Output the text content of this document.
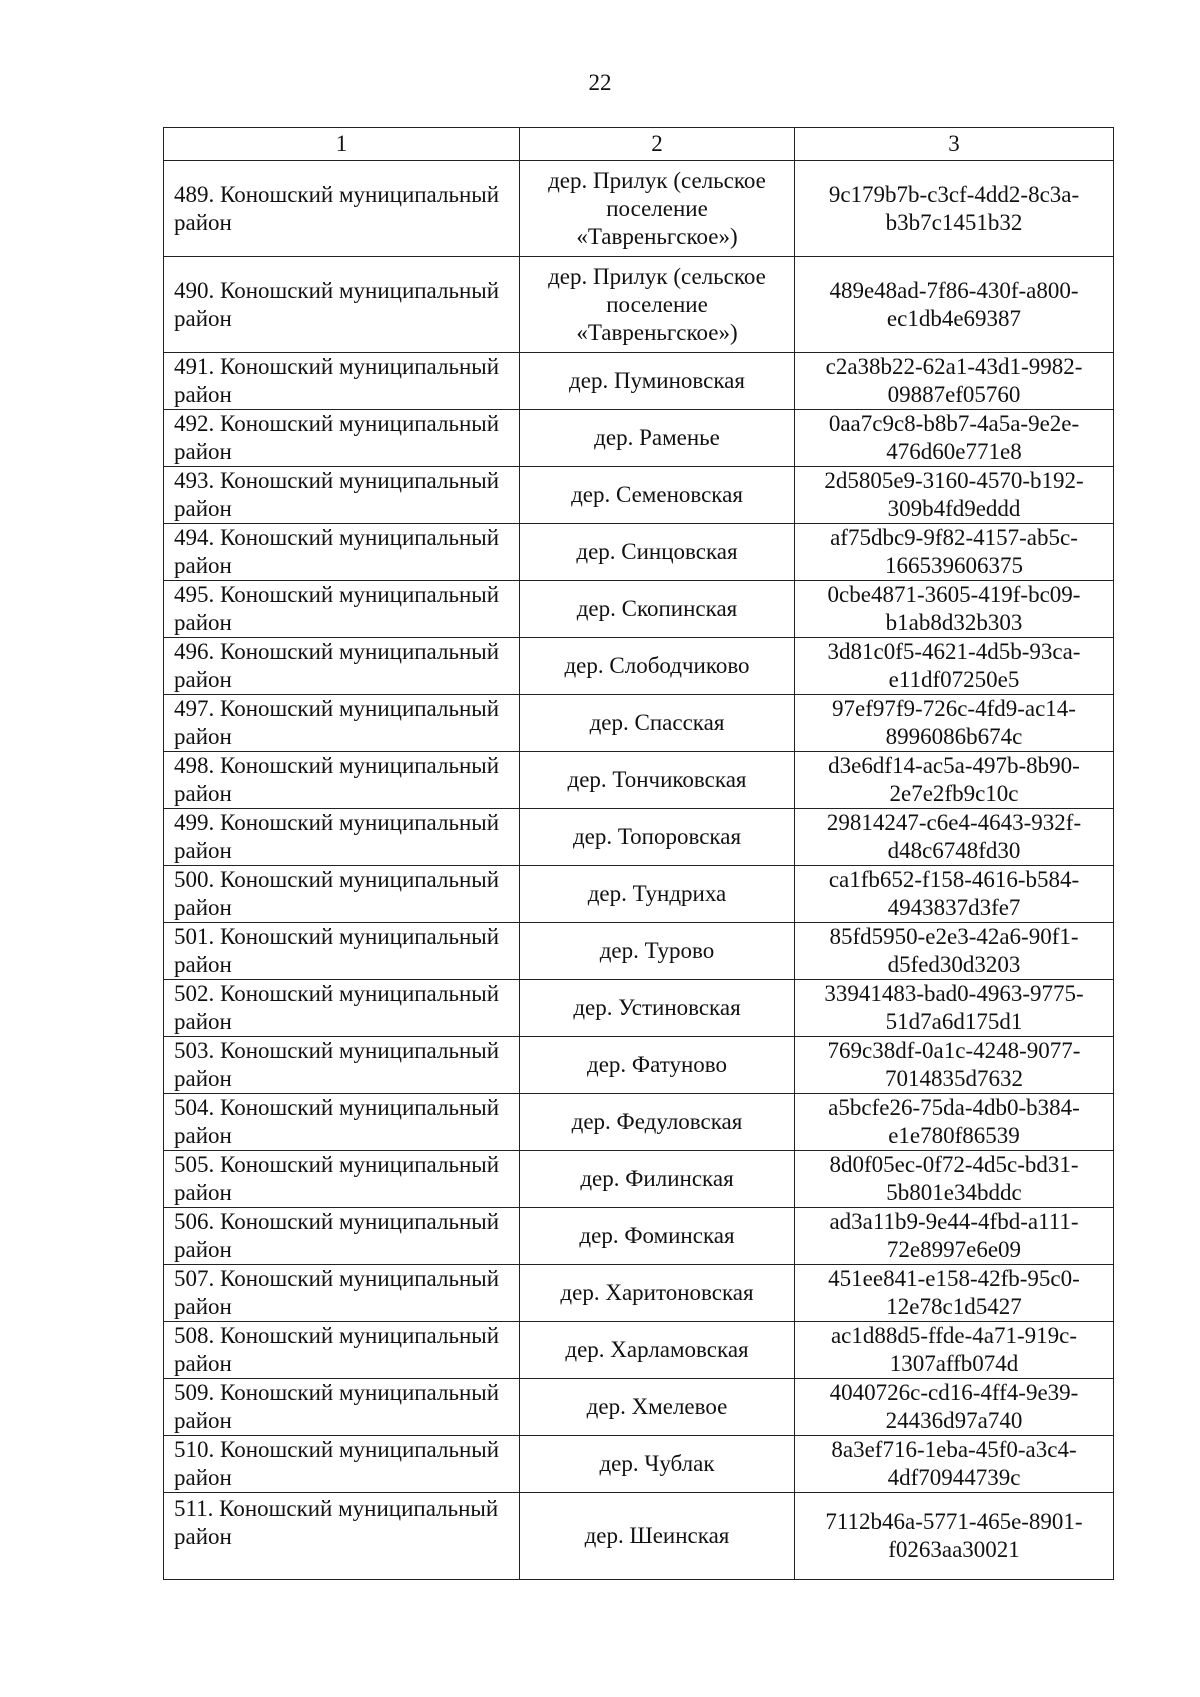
22
1	2	3
489. Коношский муниципальный район	дер. Прилук (сельское поселение «Тавреньгское»)	9c179b7b-c3cf-4dd2-8c3a-b3b7c1451b32
490. Коношский муниципальный район	дер. Прилук (сельское поселение «Тавреньгское»)	489e48ad-7f86-430f-a800-ec1db4e69387
491. Коношский муниципальный район	дер. Пуминовская	c2a38b22-62a1-43d1-9982-09887ef05760
492. Коношский муниципальный район	дер. Раменье	0aa7c9c8-b8b7-4a5a-9e2e-476d60e771e8
493. Коношский муниципальный район	дер. Семеновская	2d5805e9-3160-4570-b192-309b4fd9eddd
494. Коношский муниципальный район	дер. Синцовская	af75dbc9-9f82-4157-ab5c-166539606375
495. Коношский муниципальный район	дер. Скопинская	0cbe4871-3605-419f-bc09-b1ab8d32b303
496. Коношский муниципальный район	дер. Слободчиково	3d81c0f5-4621-4d5b-93ca-e11df07250e5
497. Коношский муниципальный район	дер. Спасская	97ef97f9-726c-4fd9-ac14-8996086b674c
498. Коношский муниципальный район	дер. Тончиковская	d3e6df14-ac5a-497b-8b90-2e7e2fb9c10c
499. Коношский муниципальный район	дер. Топоровская	29814247-c6e4-4643-932f-d48c6748fd30
500. Коношский муниципальный район	дер. Тундриха	ca1fb652-f158-4616-b584-4943837d3fe7
501. Коношский муниципальный район	дер. Турово	85fd5950-e2e3-42a6-90f1-d5fed30d3203
502. Коношский муниципальный район	дер. Устиновская	33941483-bad0-4963-9775-51d7a6d175d1
503. Коношский муниципальный район	дер. Фатуново	769c38df-0a1c-4248-9077-7014835d7632
504. Коношский муниципальный район	дер. Федуловская	a5bcfe26-75da-4db0-b384-e1e780f86539
505. Коношский муниципальный район	дер. Филинская	8d0f05ec-0f72-4d5c-bd31-5b801e34bddc
506. Коношский муниципальный район	дер. Фоминская	ad3a11b9-9e44-4fbd-a111-72e8997e6e09
507. Коношский муниципальный район	дер. Харитоновская	451ee841-e158-42fb-95c0-12e78c1d5427
508. Коношский муниципальный район	дер. Харламовская	ac1d88d5-ffde-4a71-919c-1307affb074d
509. Коношский муниципальный район	дер. Хмелевое	4040726c-cd16-4ff4-9e39-24436d97a740
510. Коношский муниципальный район	дер. Чублак	8a3ef716-1eba-45f0-a3c4-4df70944739c
511. Коношский муниципальный район	дер. Шеинская	7112b46a-5771-465e-8901-f0263aa30021
